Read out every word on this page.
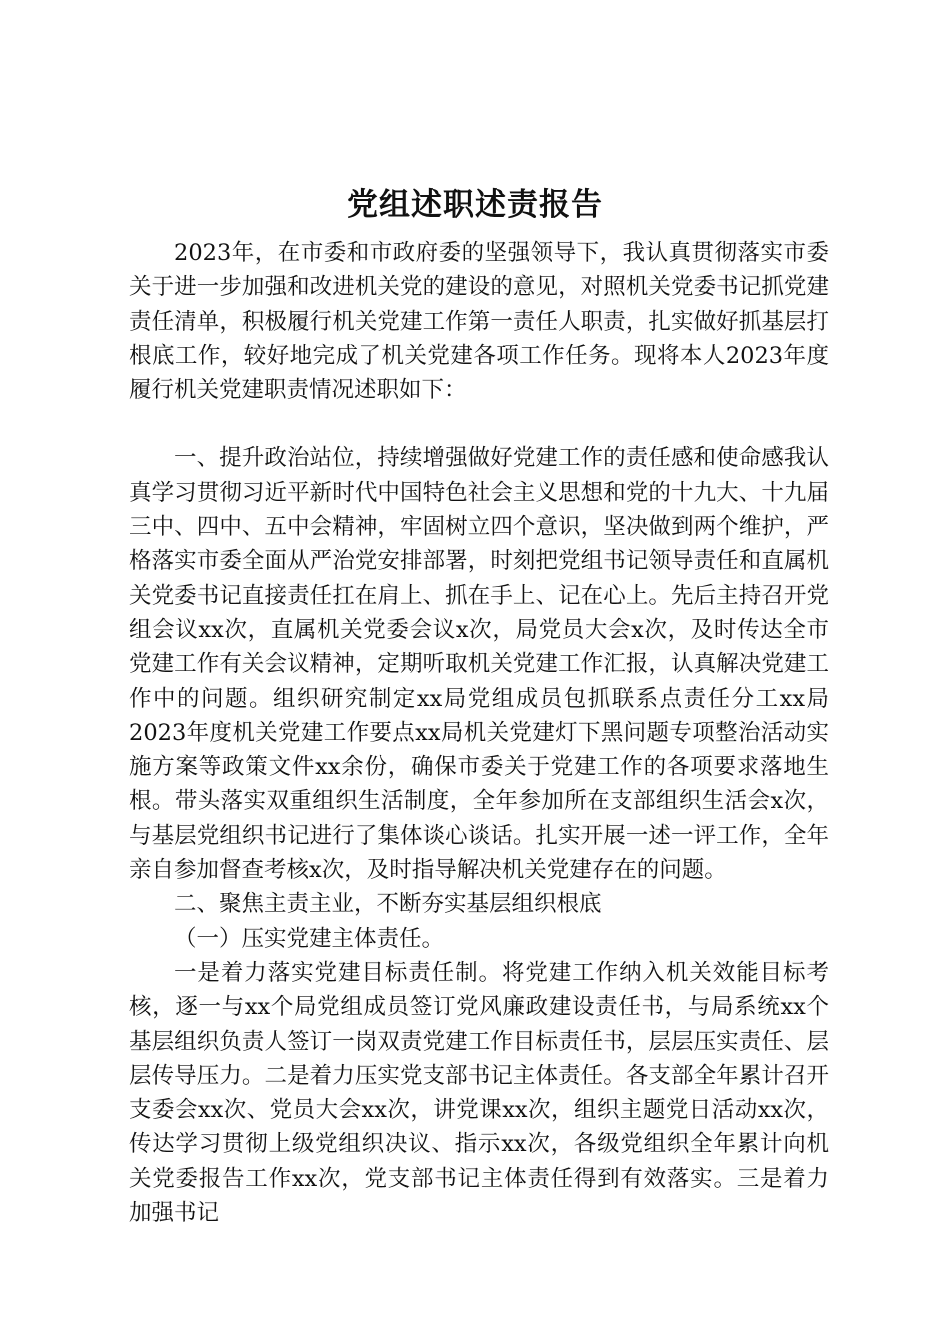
党组述职述责报告

2023年，在市委和市政府委的坚强领导下，我认真贯彻落实市委关于进一步加强和改进机关党的建设的意见，对照机关党委书记抓党建责任清单，积极履行机关党建工作第一责任人职责，扎实做好抓基层打根底工作，较好地完成了机关党建各项工作任务。现将本人2023年度履行机关党建职责情况述职如下：

一、提升政治站位，持续增强做好党建工作的责任感和使命感我认真学习贯彻习近平新时代中国特色社会主义思想和党的十九大、十九届三中、四中、五中会精神，牢固树立四个意识，坚决做到两个维护，严格落实市委全面从严治党安排部署，时刻把党组书记领导责任和直属机关党委书记直接责任扛在肩上、抓在手上、记在心上。先后主持召开党组会议xx次，直属机关党委会议x次，局党员大会x次，及时传达全市党建工作有关会议精神，定期听取机关党建工作汇报，认真解决党建工作中的问题。组织研究制定xx局党组成员包抓联系点责任分工xx局2023年度机关党建工作要点xx局机关党建灯下黑问题专项整治活动实施方案等政策文件xx余份，确保市委关于党建工作的各项要求落地生根。带头落实双重组织生活制度，全年参加所在支部组织生活会x次，与基层党组织书记进行了集体谈心谈话。扎实开展一述一评工作，全年亲自参加督查考核x次，及时指导解决机关党建存在的问题。

二、聚焦主责主业，不断夯实基层组织根底

（一）压实党建主体责任。

一是着力落实党建目标责任制。将党建工作纳入机关效能目标考核，逐一与xx个局党组成员签订党风廉政建设责任书，与局系统xx个基层组织负责人签订一岗双责党建工作目标责任书，层层压实责任、层层传导压力。二是着力压实党支部书记主体责任。各支部全年累计召开支委会xx次、党员大会xx次，讲党课xx次，组织主题党日活动xx次，传达学习贯彻上级党组织决议、指示xx次，各级党组织全年累计向机关党委报告工作xx次，党支部书记主体责任得到有效落实。三是着力加强书记
